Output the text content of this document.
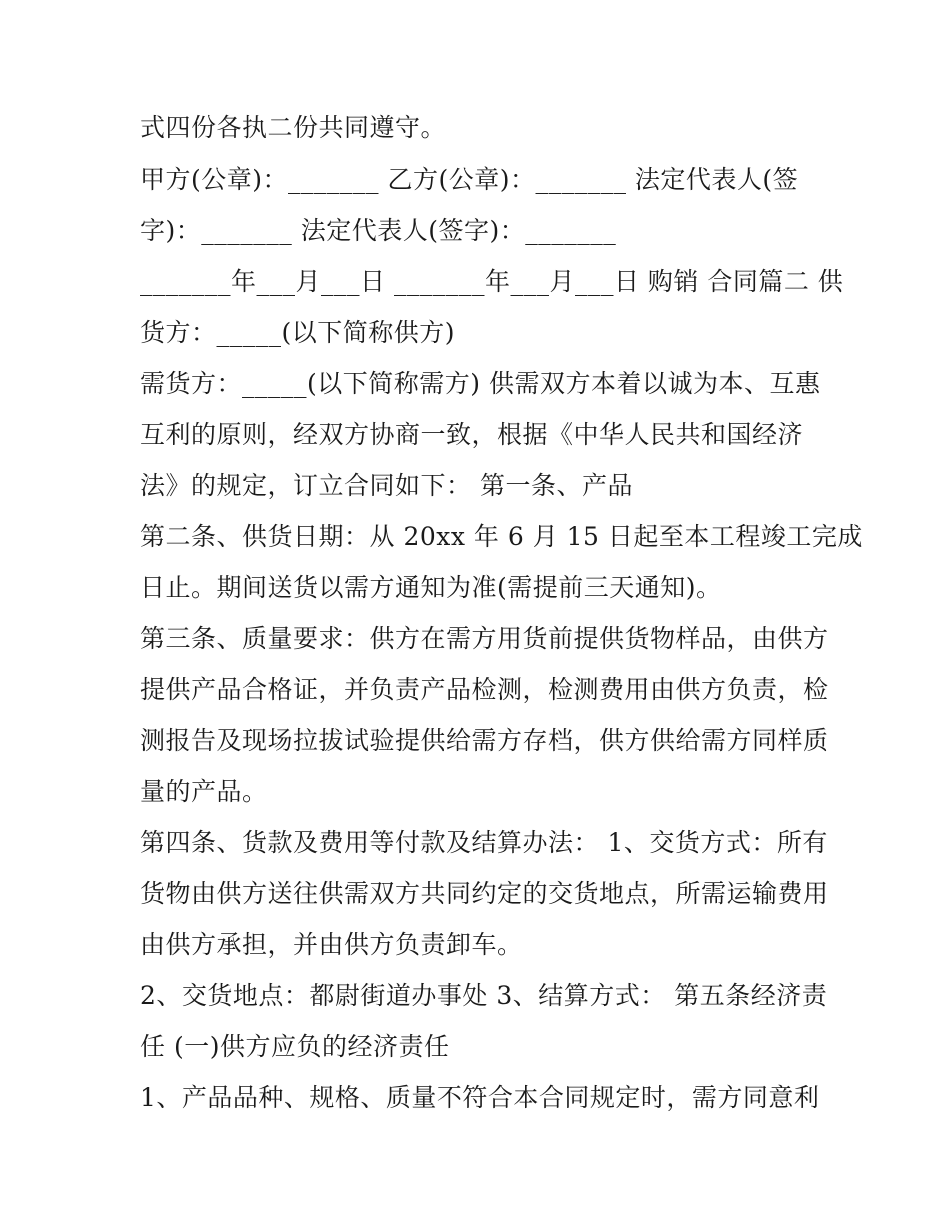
式四份各执二份共同遵守。
甲方(公章)：_______ 乙方(公章)：_______ 法定代表人(签
字)：_______ 法定代表人(签字)：_______
_______年___月___日 _______年___月___日 购销 合同篇二 供
货方：_____(以下简称供方)
需货方：_____(以下简称需方) 供需双方本着以诚为本、互惠
互利的原则，经双方协商一致，根据《中华人民共和国经济
法》的规定，订立合同如下： 第一条、产品
第二条、供货日期：从 20xx 年 6 月 15 日起至本工程竣工完成
日止。期间送货以需方通知为准(需提前三天通知)。
第三条、质量要求：供方在需方用货前提供货物样品，由供方
提供产品合格证，并负责产品检测，检测费用由供方负责，检
测报告及现场拉拔试验提供给需方存档，供方供给需方同样质
量的产品。
第四条、货款及费用等付款及结算办法： 1、交货方式：所有
货物由供方送往供需双方共同约定的交货地点，所需运输费用
由供方承担，并由供方负责卸车。
2、交货地点：都尉街道办事处 3、结算方式： 第五条经济责
任 (一)供方应负的经济责任
1、产品品种、规格、质量不符合本合同规定时，需方同意利
